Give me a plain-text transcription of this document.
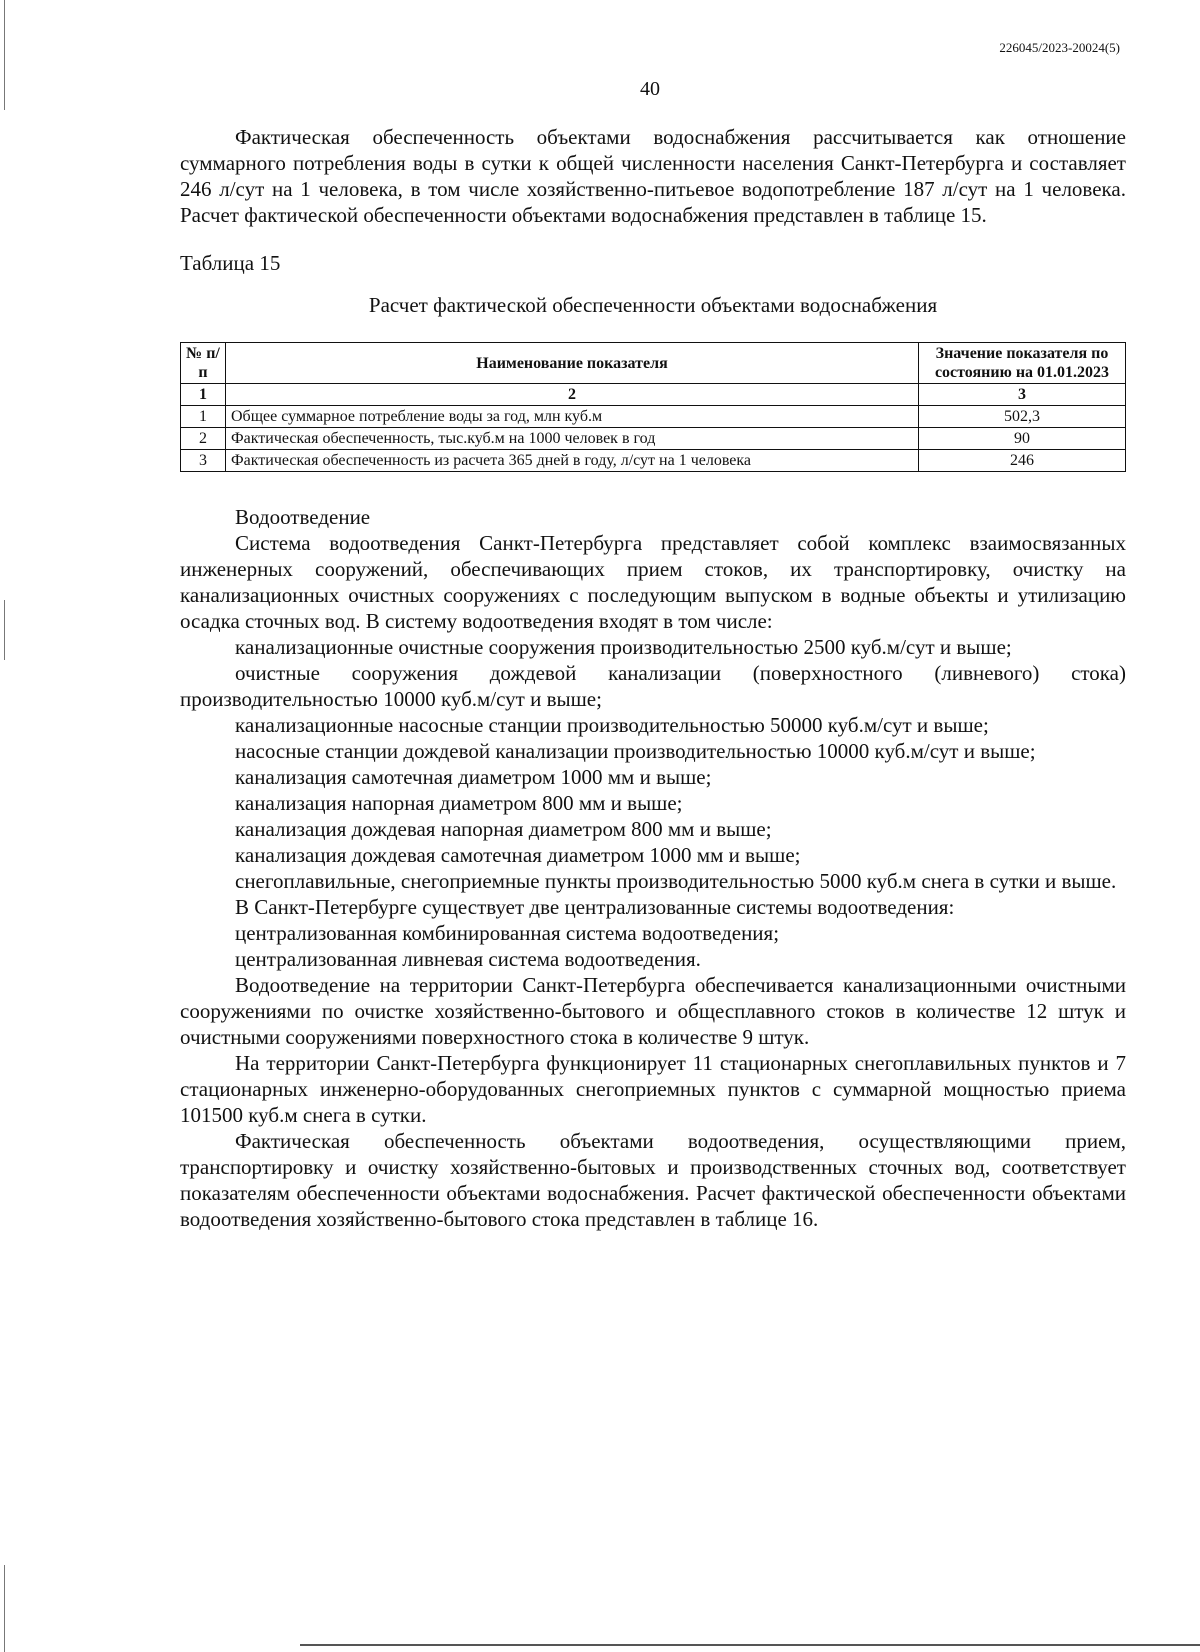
226045/2023-20024(5)
40

Фактическая обеспеченность объектами водоснабжения рассчитывается как отношение суммарного потребления воды в сутки к общей численности населения Санкт-Петербурга и составляет 246 л/сут на 1 человека, в том числе хозяйственно-питьевое водопотребление 187 л/сут на 1 человека. Расчет фактической обеспеченности объектами водоснабжения представлен в таблице 15.

Таблица 15

Расчет фактической обеспеченности объектами водоснабжения

№ п/п	Наименование показателя	Значение показателя по состоянию на 01.01.2023
1	2	3
1	Общее суммарное потребление воды за год, млн куб.м	502,3
2	Фактическая обеспеченность, тыс.куб.м на 1000 человек в год	90
3	Фактическая обеспеченность из расчета 365 дней в году, л/сут на 1 человека	246

Водоотведение

Система водоотведения Санкт-Петербурга представляет собой комплекс взаимосвязанных инженерных сооружений, обеспечивающих прием стоков, их транспортировку, очистку на канализационных очистных сооружениях с последующим выпуском в водные объекты и утилизацию осадка сточных вод. В систему водоотведения входят в том числе:

канализационные очистные сооружения производительностью 2500 куб.м/сут и выше;

очистные сооружения дождевой канализации (поверхностного (ливневого) стока) производительностью 10000 куб.м/сут и выше;

канализационные насосные станции производительностью 50000 куб.м/сут и выше;

насосные станции дождевой канализации производительностью 10000 куб.м/сут и выше;

канализация самотечная диаметром 1000 мм и выше;

канализация напорная диаметром 800 мм и выше;

канализация дождевая напорная диаметром 800 мм и выше;

канализация дождевая самотечная диаметром 1000 мм и выше;

снегоплавильные, снегоприемные пункты производительностью 5000 куб.м снега в сутки и выше.

В Санкт-Петербурге существует две централизованные системы водоотведения:

централизованная комбинированная система водоотведения;

централизованная ливневая система водоотведения.

Водоотведение на территории Санкт-Петербурга обеспечивается канализационными очистными сооружениями по очистке хозяйственно-бытового и общесплавного стоков в количестве 12 штук и очистными сооружениями поверхностного стока в количестве 9 штук.

На территории Санкт-Петербурга функционирует 11 стационарных снегоплавильных пунктов и 7 стационарных инженерно-оборудованных снегоприемных пунктов с суммарной мощностью приема 101500 куб.м снега в сутки.

Фактическая обеспеченность объектами водоотведения, осуществляющими прием, транспортировку и очистку хозяйственно-бытовых и производственных сточных вод, соответствует показателям обеспеченности объектами водоснабжения. Расчет фактической обеспеченности объектами водоотведения хозяйственно-бытового стока представлен в таблице 16.
